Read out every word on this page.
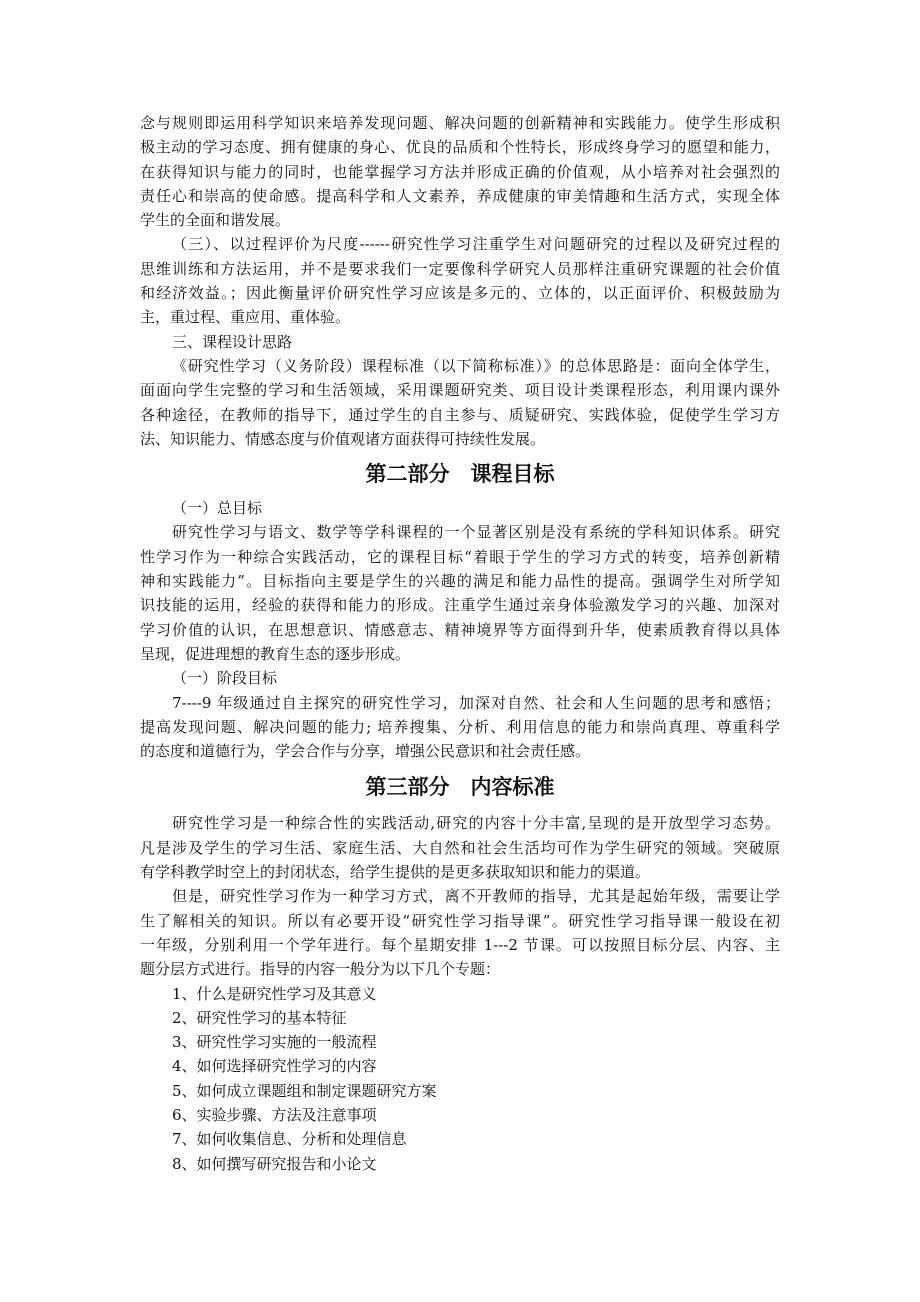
念与规则即运用科学知识来培养发现问题、解决问题的创新精神和实践能力。使学生形成积
极主动的学习态度、拥有健康的身心、优良的品质和个性特长，形成终身学习的愿望和能力，
在获得知识与能力的同时，也能掌握学习方法并形成正确的价值观，从小培养对社会强烈的
责任心和崇高的使命感。提高科学和人文素养，养成健康的审美情趣和生活方式，实现全体
学生的全面和谐发展。
（三）、以过程评价为尺度------研究性学习注重学生对问题研究的过程以及研究过程的
思维训练和方法运用，并不是要求我们一定要像科学研究人员那样注重研究课题的社会价值
和经济效益。；因此衡量评价研究性学习应该是多元的、立体的，以正面评价、积极鼓励为
主，重过程、重应用、重体验。
三、课程设计思路
《研究性学习（义务阶段）课程标准（以下简称标准）》的总体思路是：面向全体学生，
面面向学生完整的学习和生活领域，采用课题研究类、项目设计类课程形态，利用课内课外
各种途径，在教师的指导下，通过学生的自主参与、质疑研究、实践体验，促使学生学习方
法、知识能力、情感态度与价值观诸方面获得可持续性发展。
第二部分　课程目标
（一）总目标
研究性学习与语文、数学等学科课程的一个显著区别是没有系统的学科知识体系。研究
性学习作为一种综合实践活动，它的课程目标“着眼于学生的学习方式的转变，培养创新精
神和实践能力”。目标指向主要是学生的兴趣的满足和能力品性的提高。强调学生对所学知
识技能的运用，经验的获得和能力的形成。注重学生通过亲身体验激发学习的兴趣、加深对
学习价值的认识，在思想意识、情感意志、精神境界等方面得到升华，使素质教育得以具体
呈现，促进理想的教育生态的逐步形成。
（一）阶段目标
7----9 年级通过自主探究的研究性学习，加深对自然、社会和人生问题的思考和感悟；
提高发现问题、解决问题的能力; 培养搜集、分析、利用信息的能力和崇尚真理、尊重科学
的态度和道德行为，学会合作与分享，增强公民意识和社会责任感。
第三部分　内容标准
研究性学习是一种综合性的实践活动,研究的内容十分丰富,呈现的是开放型学习态势。
凡是涉及学生的学习生活、家庭生活、大自然和社会生活均可作为学生研究的领域。突破原
有学科教学时空上的封闭状态，给学生提供的是更多获取知识和能力的渠道。
但是，研究性学习作为一种学习方式，离不开教师的指导，尤其是起始年级，需要让学
生了解相关的知识。所以有必要开设“研究性学习指导课”。研究性学习指导课一般设在初
一年级，分别利用一个学年进行。每个星期安排 1---2 节课。可以按照目标分层、内容、主
题分层方式进行。指导的内容一般分为以下几个专题：
1、什么是研究性学习及其意义
2、研究性学习的基本特征
3、研究性学习实施的一般流程
4、如何选择研究性学习的内容
5、如何成立课题组和制定课题研究方案
6、实验步骤、方法及注意事项
7、如何收集信息、分析和处理信息
8、如何撰写研究报告和小论文
